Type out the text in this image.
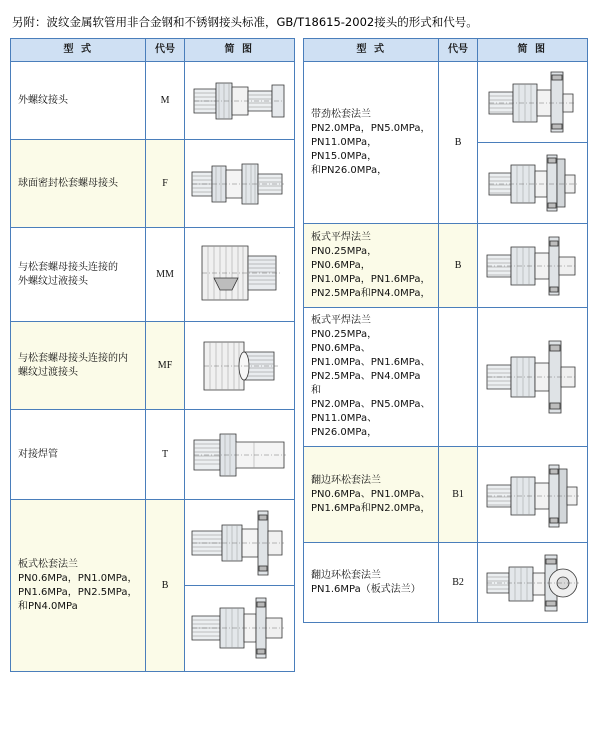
另附：波纹金属软管用非合金钢和不锈钢接头标准，GB/T18615-2002接头的形式和代号。
型 式	代号	简 图

外螺纹接头	M	

球面密封松套螺母接头	F	

与松套螺母接头连接的
外螺纹过液接头	MM	

与松套螺母接头连接的内
螺纹过渡接头	MF	

对接焊管	T	

板式松套法兰
PN0.6MPa，PN1.0MPa，
PN1.6MPa，PN2.5MPa，
和PN4.0MPa	B	
型 式	代号	简 图

带劲松套法兰
PN2.0MPa，PN5.0MPa，
PN11.0MPa，PN15.0MPa，
和PN26.0MPa，	B	

板式平焊法兰
PN0.25MPa，PN0.6MPa，
PN1.0MPa，PN1.6MPa，
PN2.5MPa和PN4.0MPa，	B	

板式平焊法兰
PN0.25MPa，PN0.6MPa、
PN1.0MPa、PN1.6MPa、
PN2.5MPa、PN4.0MPa 和
PN2.0MPa、PN5.0MPa、
PN11.0MPa、PN26.0MPa，

翻边环松套法兰
PN0.6MPa、PN1.0MPa、
PN1.6MPa和PN2.0MPa，	B1	

翻边环松套法兰
PN1.6MPa（板式法兰）	B2	
